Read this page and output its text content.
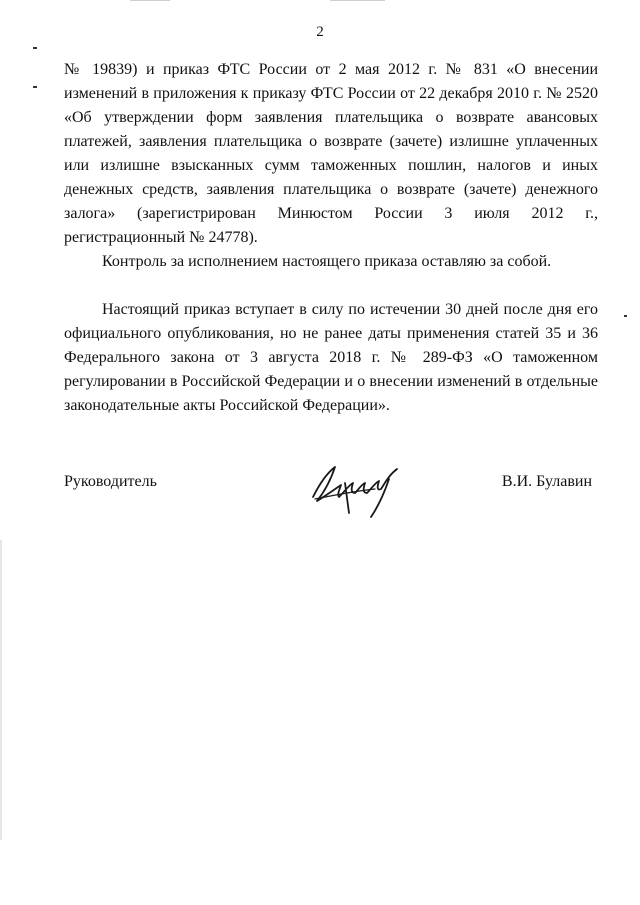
2
№ 19839) и приказ ФТС России от 2 мая 2012 г. № 831 «О внесении изменений в приложения к приказу ФТС России от 22 декабря 2010 г. № 2520 «Об утверждении форм заявления плательщика о возврате авансовых платежей, заявления плательщика о возврате (зачете) излишне уплаченных или излишне взысканных сумм таможенных пошлин, налогов и иных денежных средств, заявления плательщика о возврате (зачете) денежного залога» (зарегистрирован Минюстом России 3 июля 2012 г., регистрационный № 24778).
Контроль за исполнением настоящего приказа оставляю за собой.
Настоящий приказ вступает в силу по истечении 30 дней после дня его официального опубликования, но не ранее даты применения статей 35 и 36 Федерального закона от 3 августа 2018 г. № 289-ФЗ «О таможенном регулировании в Российской Федерации и о внесении изменений в отдельные законодательные акты Российской Федерации».
Руководитель	В.И. Булавин
